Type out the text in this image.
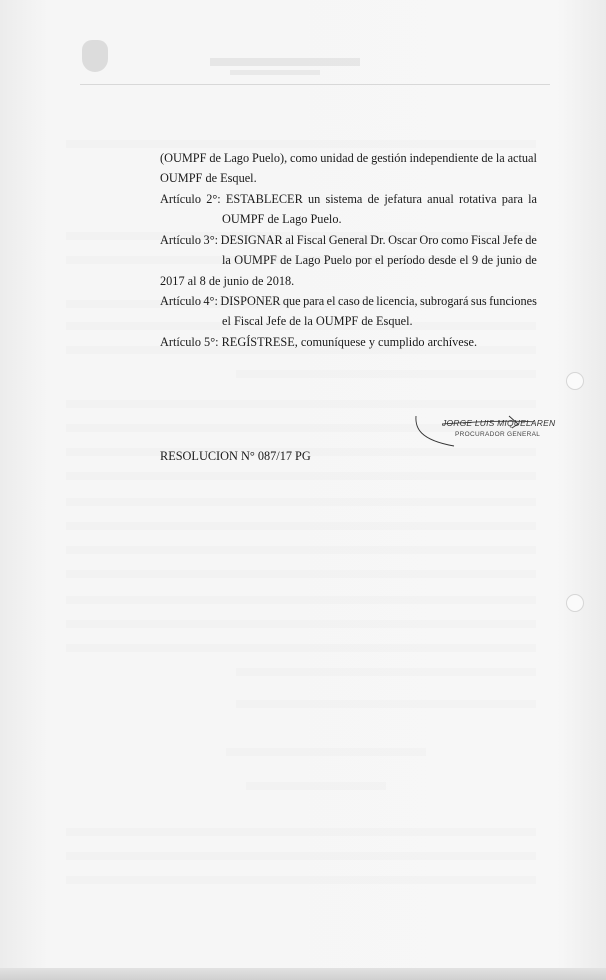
(OUMPF de Lago Puelo), como unidad de gestión independiente de la actual
OUMPF de Esquel.
Artículo 2°: ESTABLECER un sistema de jefatura anual rotativa para la
OUMPF de Lago Puelo.
Artículo 3°: DESIGNAR al Fiscal General Dr. Oscar Oro como Fiscal Jefe de
la OUMPF de Lago Puelo por el período desde el 9 de junio de
2017 al 8 de junio de 2018.
Artículo 4°: DISPONER que para el caso de licencia, subrogará sus funciones
el Fiscal Jefe de la OUMPF de Esquel.
Artículo 5°: REGÍSTRESE, comuníquese y cumplido archívese.
JORGE LUIS MIQUELAREN
PROCURADOR GENERAL
RESOLUCION N° 087/17 PG
